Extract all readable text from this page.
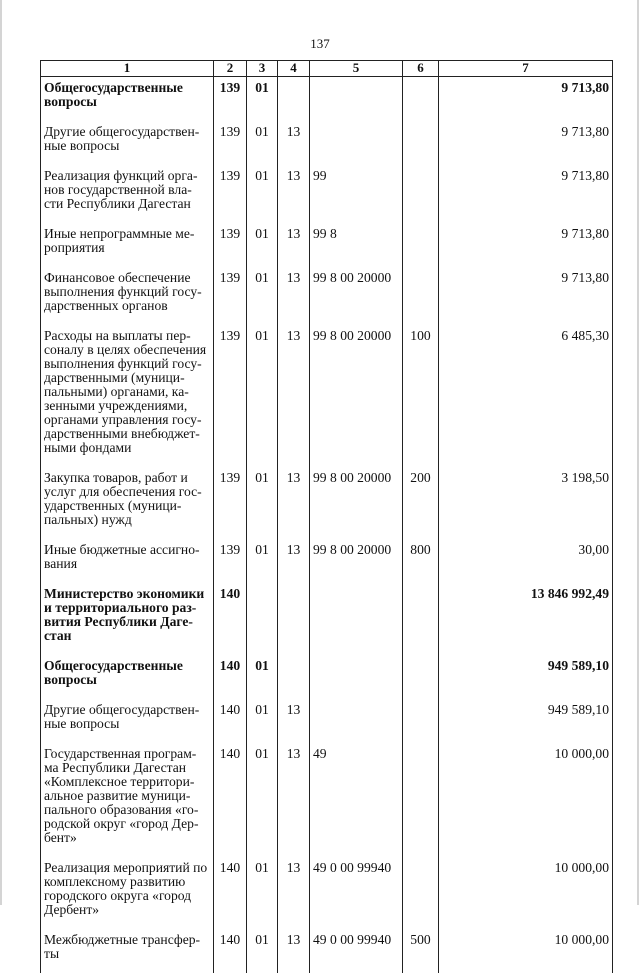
137
1	2	3	4	5	6	7
Общегосударственные вопросы	139	01				9 713,80
Другие общегосударствен-ные вопросы	139	01	13			9 713,80
Реализация функций орга-нов государственной вла-сти Республики Дагестан	139	01	13	99		9 713,80
Иные непрограммные ме-роприятия	139	01	13	99 8		9 713,80
Финансовое обеспечение выполнения функций госу-дарственных органов	139	01	13	99 8 00 20000		9 713,80
Расходы на выплаты пер-соналу в целях обеспечения выполнения функций госу-дарственными (муници-пальными) органами, ка-зенными учреждениями, органами управления госу-дарственными внебюджет-ными фондами	139	01	13	99 8 00 20000	100	6 485,30
Закупка товаров, работ и услуг для обеспечения гос-ударственных (муници-пальных) нужд	139	01	13	99 8 00 20000	200	3 198,50
Иные бюджетные ассигно-вания	139	01	13	99 8 00 20000	800	30,00
Министерство экономики и территориального раз-вития Республики Даге-стан	140					13 846 992,49
Общегосударственные вопросы	140	01				949 589,10
Другие общегосударствен-ные вопросы	140	01	13			949 589,10
Государственная програм-ма Республики Дагестан «Комплексное территори-альное развитие муници-пального образования «го-родской округ «город Дер-бент»	140	01	13	49		10 000,00
Реализация мероприятий по комплексному развитию городского округа «город Дербент»	140	01	13	49 0 00 99940		10 000,00
Межбюджетные трансфер-ты	140	01	13	49 0 00 99940	500	10 000,00
